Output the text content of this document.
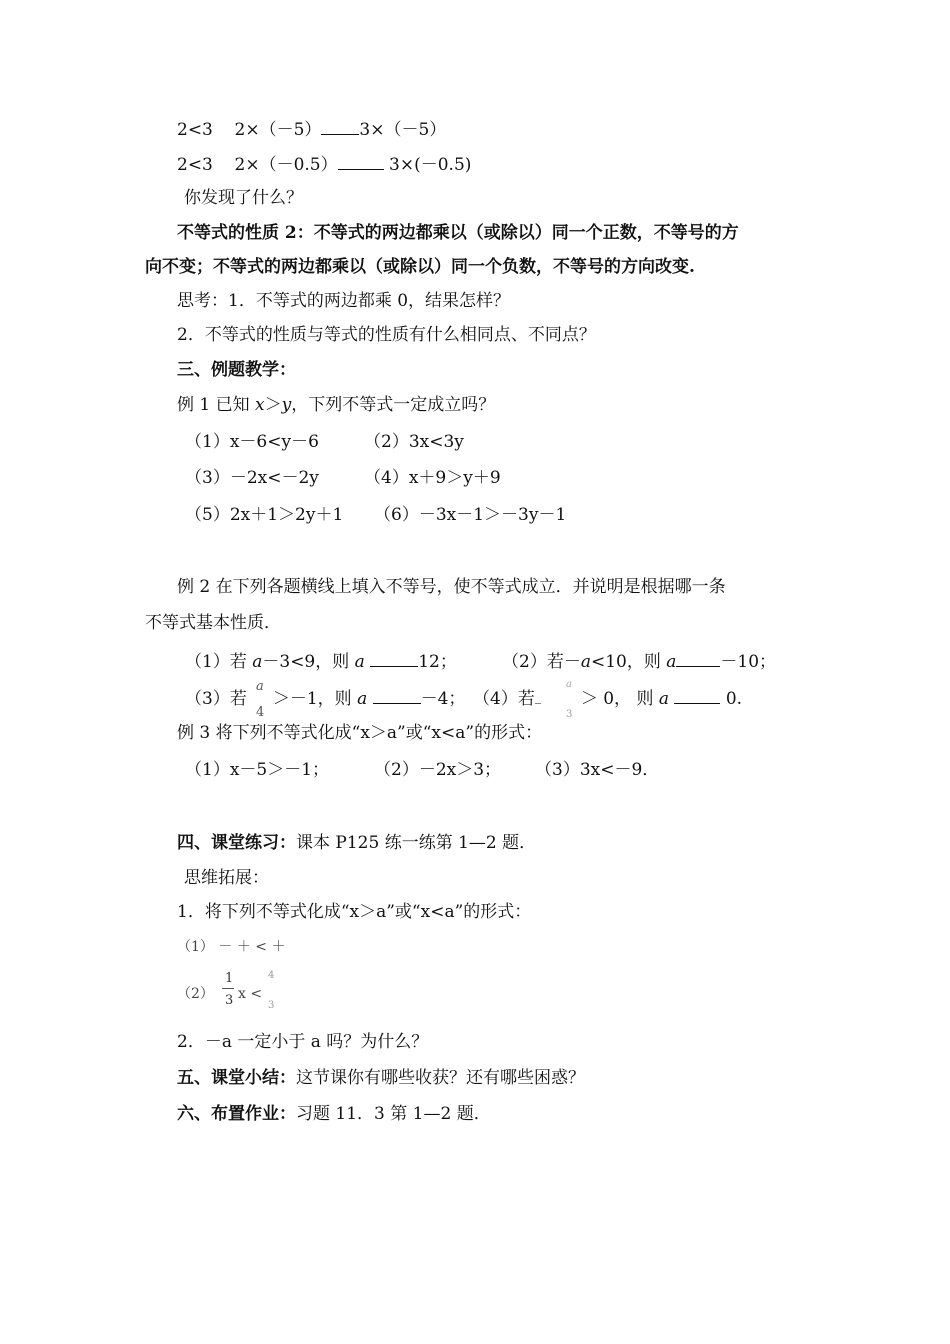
2<3 2×（－5） 3×（－5）
2<3 2×（－0.5）	3×(－0.5)
你发现了什么？
不等式的性质 2：不等式的两边都乘以（或除以）同一个正数，不等号的方
向不变；不等式的两边都乘以（或除以）同一个负数，不等号的方向改变.
思考：1．不等式的两边都乘 0，结果怎样？
2．不等式的性质与等式的性质有什么相同点、不同点？
三、例题教学：
例 1 已知 x＞y，下列不等式一定成立吗？
（1）x－6<y－6	（2）3x<3y
（3）－2x<－2y	（4）x＋9＞y＋9
（5）2x＋1＞2y＋1 （6）－3x－1＞－3y－1
例 2 在下列各题横线上填入不等号，使不等式成立．并说明是根据哪一条
不等式基本性质．
（1）若 a－3<9，则 a	12；	（2）若－a<10，则 a	－10；
（3）若 ＞－1，则 a	－4；
a
4
（4）若	＞ 0， 则 a	0.
a
3
例 3 将下列不等式化成“x＞a”或“x<a”的形式：
（1）x－5＞－1；	（2）－2x＞3； （3）3x<－9．
四、课堂练习：课本 P125 练一练第 1—2 题．
思维拓展：
1．将下列不等式化成“x＞a”或“x<a”的形式：
（1） － ＋ < ＋
（2）
1
3 x <
4
3
2．－a 一定小于 a 吗？为什么？
五、课堂小结：这节课你有哪些收获？还有哪些困惑？
六、布置作业：习题 11．3 第 1—2 题．
